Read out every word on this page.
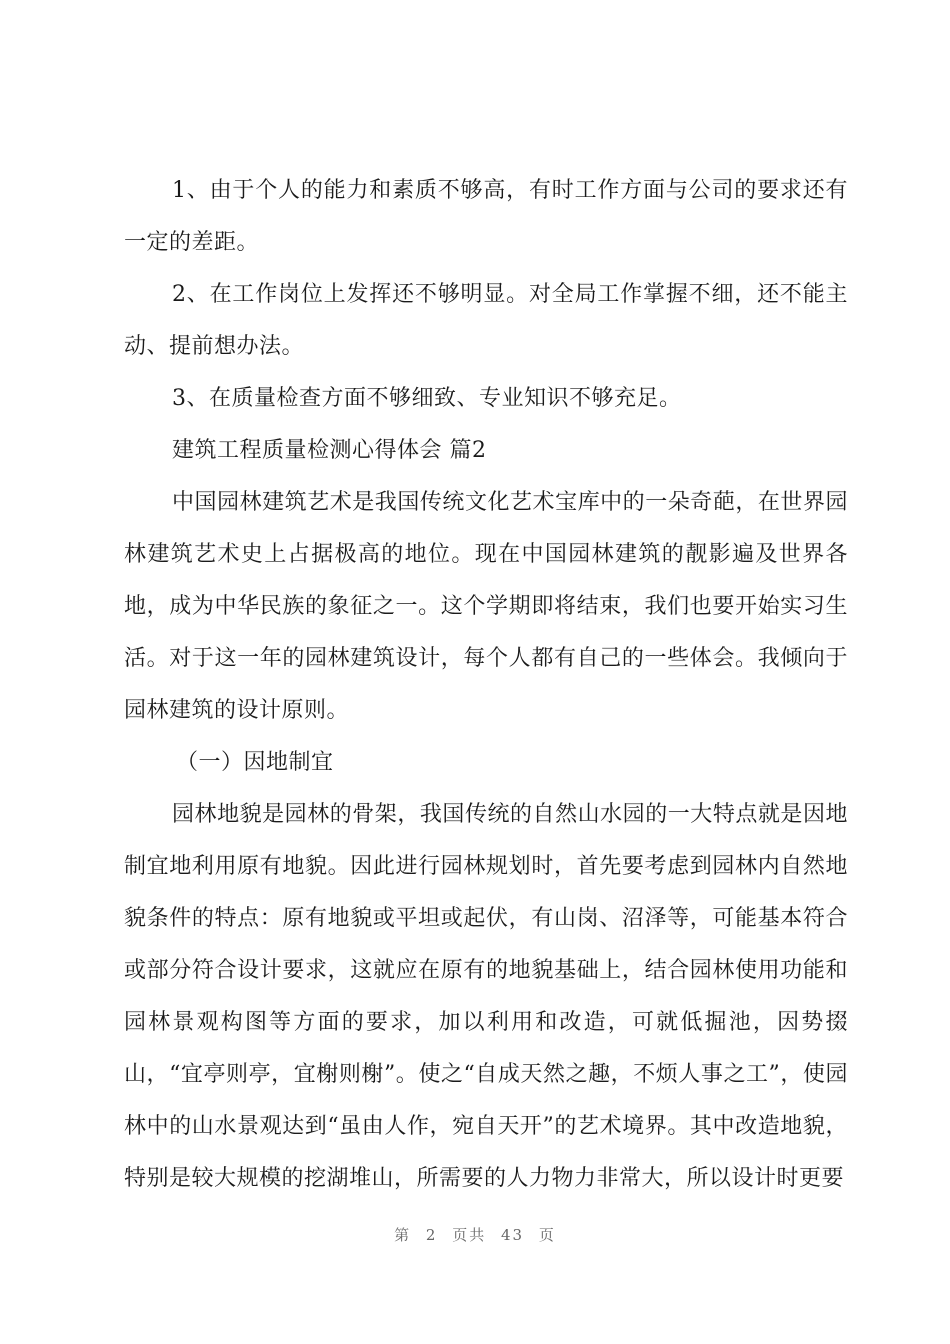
1、由于个人的能力和素质不够高，有时工作方面与公司的要求还有一定的差距。

2、在工作岗位上发挥还不够明显。对全局工作掌握不细，还不能主动、提前想办法。

3、在质量检查方面不够细致、专业知识不够充足。

建筑工程质量检测心得体会 篇2

中国园林建筑艺术是我国传统文化艺术宝库中的一朵奇葩，在世界园林建筑艺术史上占据极高的地位。现在中国园林建筑的靓影遍及世界各地，成为中华民族的象征之一。这个学期即将结束，我们也要开始实习生活。对于这一年的园林建筑设计，每个人都有自己的一些体会。我倾向于园林建筑的设计原则。

（一）因地制宜

园林地貌是园林的骨架，我国传统的自然山水园的一大特点就是因地制宜地利用原有地貌。因此进行园林规划时，首先要考虑到园林内自然地貌条件的特点：原有地貌或平坦或起伏，有山岗、沼泽等，可能基本符合或部分符合设计要求，这就应在原有的地貌基础上，结合园林使用功能和园林景观构图等方面的要求，加以利用和改造，可就低掘池，因势掇山，“宜亭则亭，宜榭则榭”。使之“自成天然之趣，不烦人事之工”，使园林中的山水景观达到“虽由人作，宛自天开”的艺术境界。其中改造地貌，特别是较大规模的挖湖堆山，所需要的人力物力非常大，所以设计时更要

第 2 页共 43 页
